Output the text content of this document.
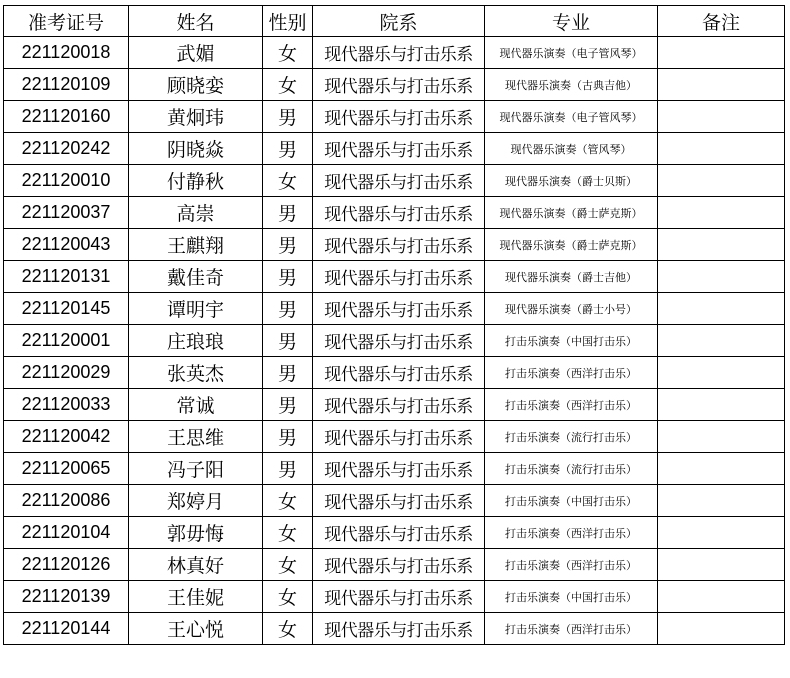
准考证号	姓名	性别	院系	专业	备注
221120018	武媚	女	现代器乐与打击乐系	现代器乐演奏（电子管风琴）	
221120109	顾晓娈	女	现代器乐与打击乐系	现代器乐演奏（古典吉他）	
221120160	黄炯玮	男	现代器乐与打击乐系	现代器乐演奏（电子管风琴）	
221120242	阴晓焱	男	现代器乐与打击乐系	现代器乐演奏（管风琴）	
221120010	付静秋	女	现代器乐与打击乐系	现代器乐演奏（爵士贝斯）	
221120037	高崇	男	现代器乐与打击乐系	现代器乐演奏（爵士萨克斯）	
221120043	王麒翔	男	现代器乐与打击乐系	现代器乐演奏（爵士萨克斯）	
221120131	戴佳奇	男	现代器乐与打击乐系	现代器乐演奏（爵士吉他）	
221120145	谭明宇	男	现代器乐与打击乐系	现代器乐演奏（爵士小号）	
221120001	庄琅琅	男	现代器乐与打击乐系	打击乐演奏（中国打击乐）	
221120029	张英杰	男	现代器乐与打击乐系	打击乐演奏（西洋打击乐）	
221120033	常诚	男	现代器乐与打击乐系	打击乐演奏（西洋打击乐）	
221120042	王思维	男	现代器乐与打击乐系	打击乐演奏（流行打击乐）	
221120065	冯子阳	男	现代器乐与打击乐系	打击乐演奏（流行打击乐）	
221120086	郑婷月	女	现代器乐与打击乐系	打击乐演奏（中国打击乐）	
221120104	郭毋悔	女	现代器乐与打击乐系	打击乐演奏（西洋打击乐）	
221120126	林真好	女	现代器乐与打击乐系	打击乐演奏（西洋打击乐）	
221120139	王佳妮	女	现代器乐与打击乐系	打击乐演奏（中国打击乐）	
221120144	王心悦	女	现代器乐与打击乐系	打击乐演奏（西洋打击乐）	
